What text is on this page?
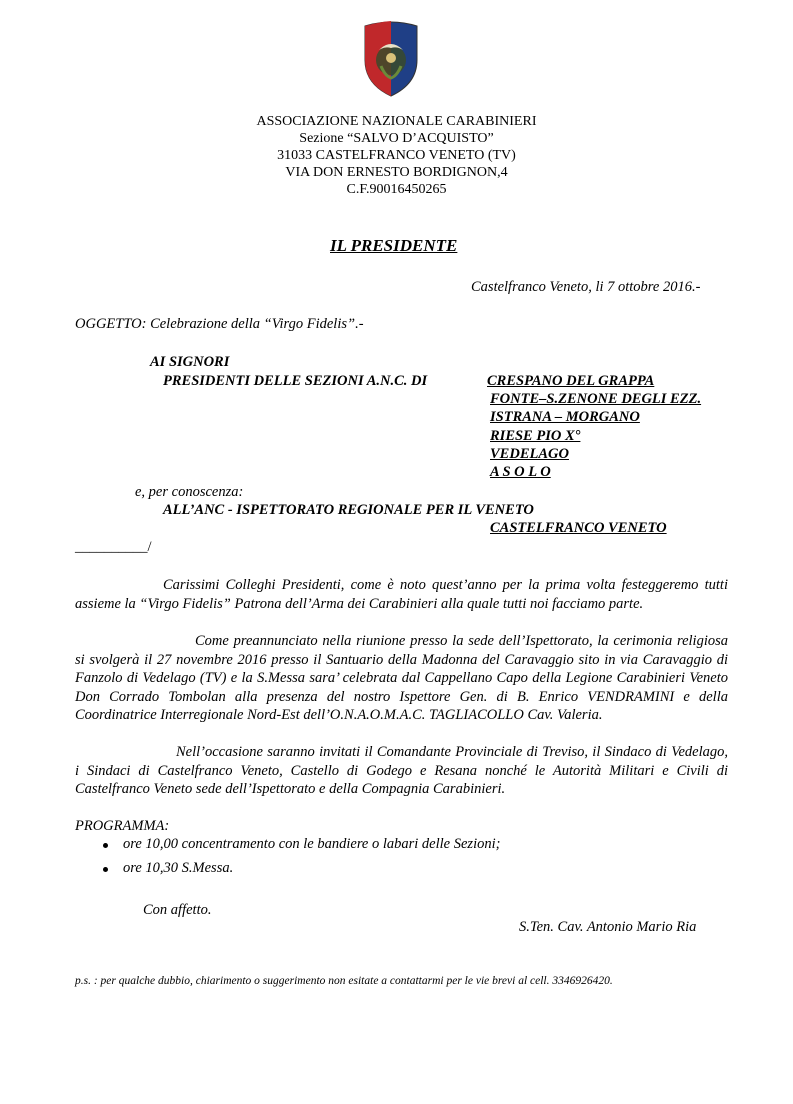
ASSOCIAZIONE NAZIONALE CARABINIERI
Sezione “SALVO D’ACQUISTO”
31033 CASTELFRANCO VENETO (TV)
VIA DON ERNESTO BORDIGNON,4
C.F.90016450265
IL PRESIDENTE
Castelfranco Veneto, li 7 ottobre 2016.-
OGGETTO: Celebrazione della “Virgo Fidelis”.-
AI SIGNORI
PRESIDENTI DELLE SEZIONI A.N.C. DI	CRESPANO DEL GRAPPA
FONTE–S.ZENONE DEGLI EZZ.
ISTRANA – MORGANO
RIESE PIO X°
VEDELAGO
A S O L O
e, per conoscenza:
ALL’ANC - ISPETTORATO REGIONALE PER IL VENETO
CASTELFRANCO VENETO
__________/
Carissimi Colleghi Presidenti, come è noto quest’anno per la prima volta festeggeremo tutti assieme la “Virgo Fidelis” Patrona dell’Arma dei Carabinieri alla quale tutti noi facciamo parte.
Come preannunciato nella riunione presso la sede dell’Ispettorato, la cerimonia religiosa si svolgerà il 27 novembre 2016 presso il Santuario della Madonna del Caravaggio sito in via Caravaggio di Fanzolo di Vedelago (TV) e la S.Messa sara’ celebrata dal Cappellano Capo della Legione Carabinieri Veneto Don Corrado Tombolan alla presenza del nostro Ispettore Gen. di B. Enrico VENDRAMINI e della Coordinatrice Interregionale Nord-Est dell’O.N.A.O.M.A.C. TAGLIACOLLO Cav. Valeria.
Nell’occasione saranno invitati il Comandante Provinciale di Treviso, il Sindaco di Vedelago, i Sindaci di Castelfranco Veneto, Castello di Godego e Resana nonché le Autorità Militari e Civili di Castelfranco Veneto sede dell’Ispettorato e della Compagnia Carabinieri.
PROGRAMMA:
ore 10,00 concentramento con le bandiere o labari delle Sezioni;
ore 10,30 S.Messa.
Con affetto.
S.Ten. Cav. Antonio Mario Ria
p.s. : per qualche dubbio, chiarimento o suggerimento non esitate a contattarmi per le vie brevi al cell. 3346926420.
